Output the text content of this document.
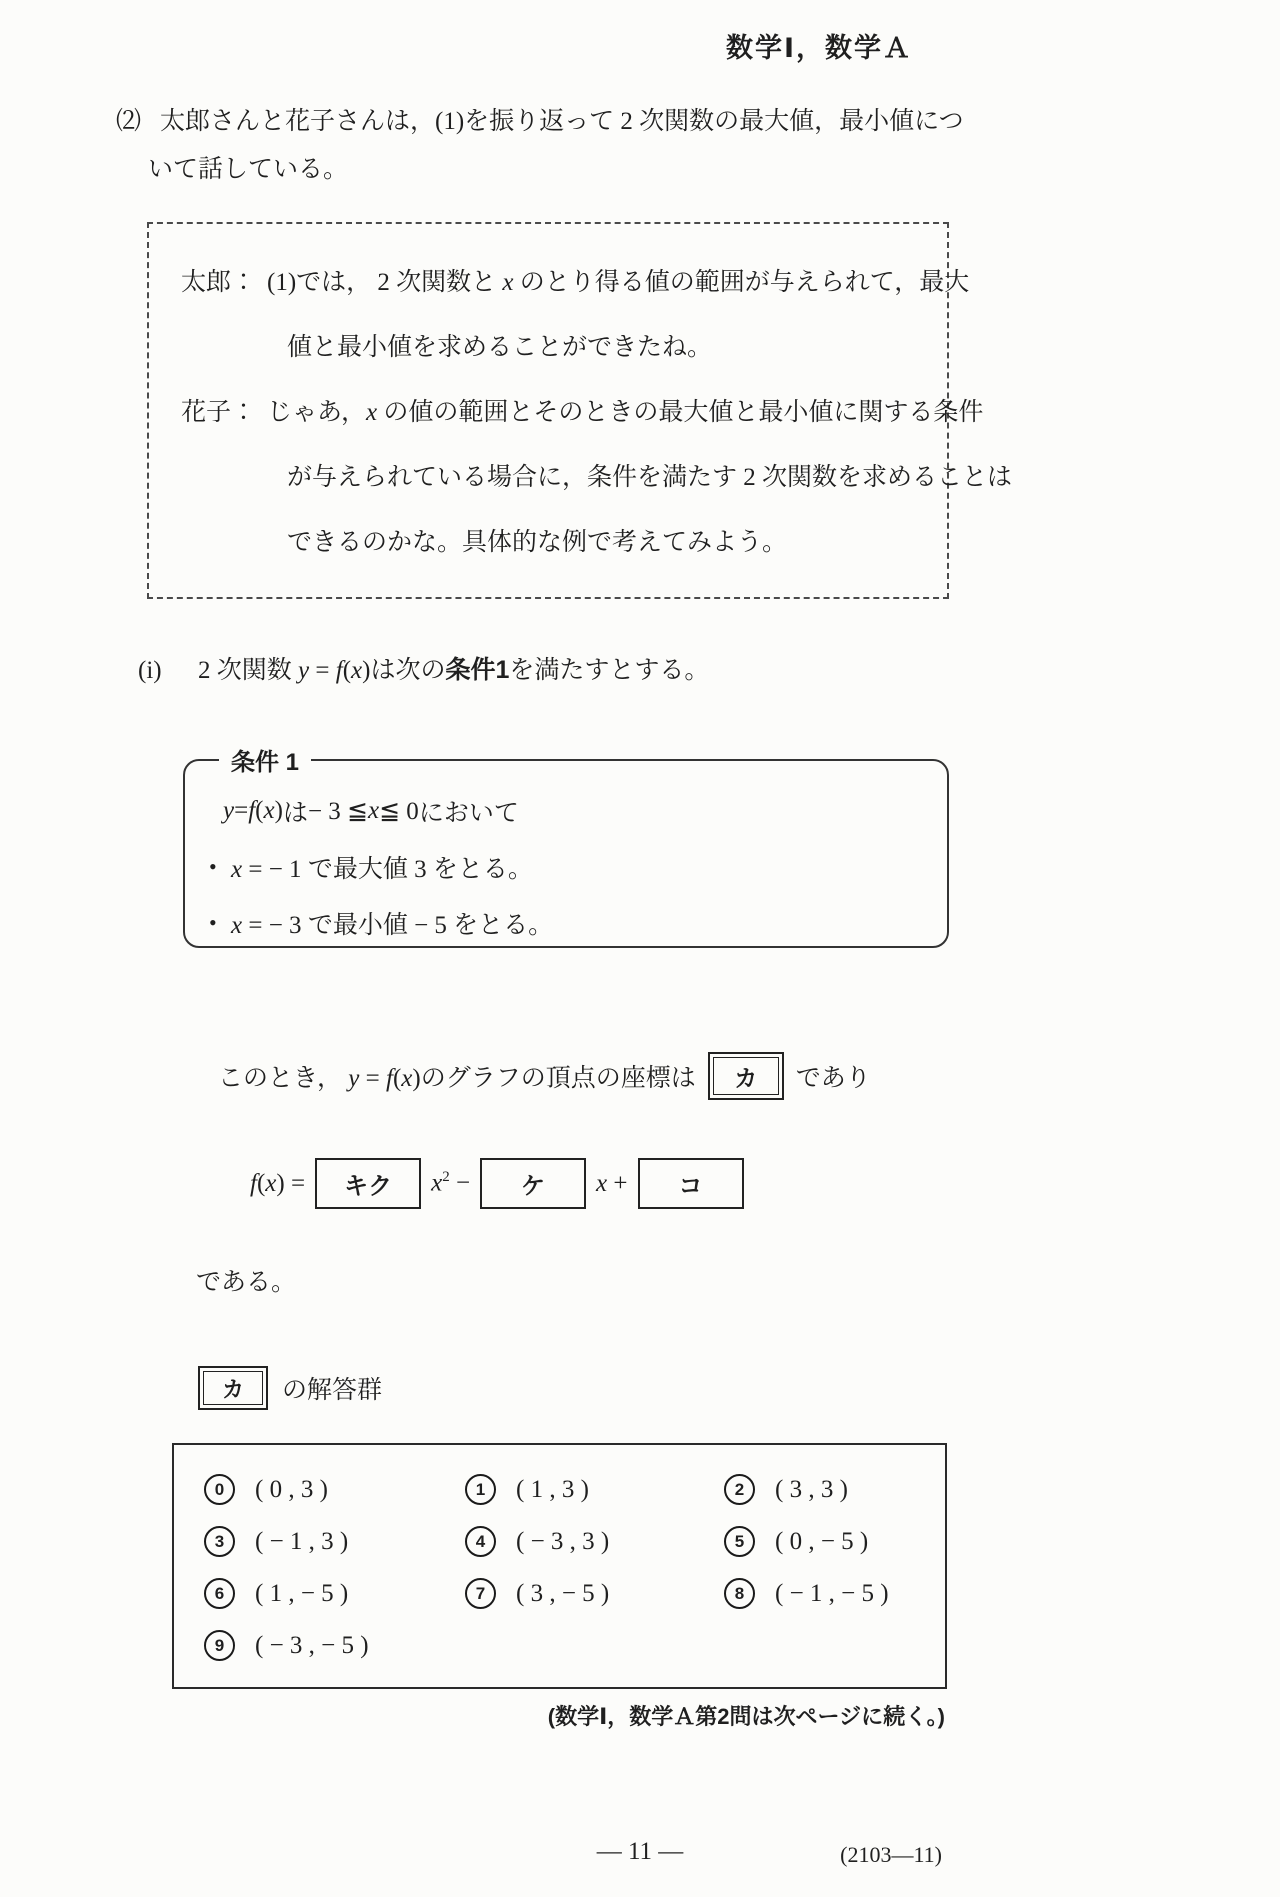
数学Ⅰ，数学Ａ
⑵ 太郎さんと花子さんは，(1)を振り返って 2 次関数の最大値，最小値につ
いて話している。
太郎： (1)では， 2 次関数と x のとり得る値の範囲が与えられて，最大
値と最小値を求めることができたね。
花子： じゃあ，x の値の範囲とそのときの最大値と最小値に関する条件
が与えられている場合に，条件を満たす 2 次関数を求めることは
できるのかな。具体的な例で考えてみよう。
(i) 2 次関数 y = f(x)は次の条件1を満たすとする。
条件 1
y = f ( x ) は − 3 ≦ x ≦ 0 において
• x = − 1 で最大値 3 をとる。
• x = − 3 で最小値 − 5 をとる。
このとき， y = f(x)のグラフの頂点の座標は	カ	であり
f(x) =	キク	$x^2$ −	ケ	x +	コ
である。
カ	の解答群
0	( 0 , 3 )	1	( 1 , 3 )	2	( 3 , 3 )
3	( − 1 , 3 )	4	( − 3 , 3 )	5	( 0 , − 5 )
6	( 1 , − 5 )	7	( 3 , − 5 )	8	( − 1 , − 5 )
9	( − 3 , − 5 )
(数学Ⅰ，数学Ａ第2問は次ページに続く。)
— 11 —	(2103—11)
